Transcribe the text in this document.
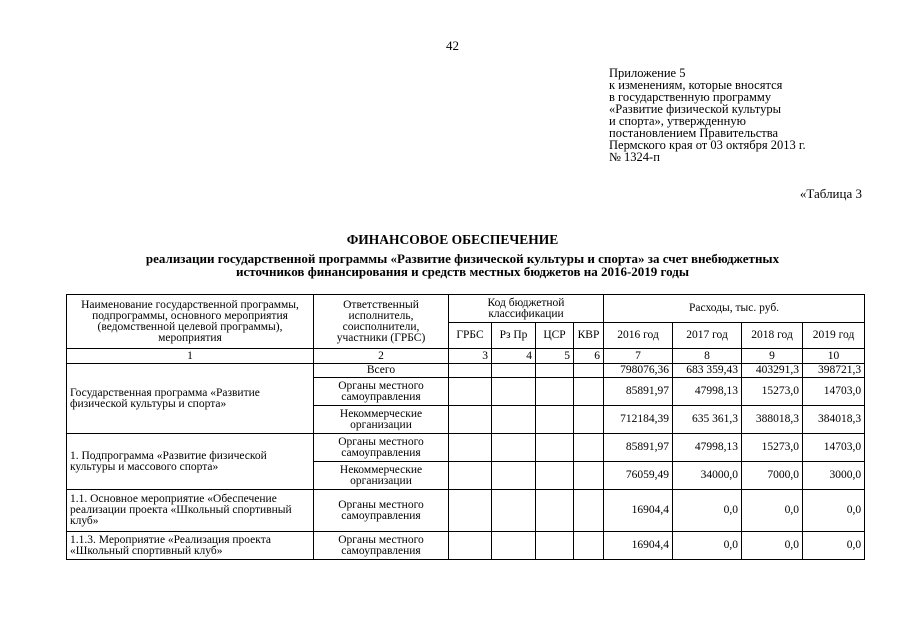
42
Приложение 5
к изменениям, которые вносятся
в государственную программу
«Развитие физической культуры
и спорта», утвержденную
постановлением Правительства
Пермского края от 03 октября 2013 г.
№ 1324-п
«Таблица 3
ФИНАНСОВОЕ ОБЕСПЕЧЕНИЕ
реализации государственной программы «Развитие физической культуры и спорта» за счет внебюджетных
источников финансирования и средств местных бюджетов на 2016-2019 годы
Наименование государственной программы, подпрограммы, основного мероприятия (ведомственной целевой программы), мероприятия	Ответственный исполнитель, соисполнители, участники (ГРБС)	Код бюджетной классификации				Расходы, тыс. руб.			
		ГРБС	Рз Пр	ЦСР	КВР	2016 год	2017 год	2018 год	2019 год
1	2	3	4	5	6	7	8	9	10
Государственная программа «Развитие физической культуры и спорта»	Всего					798076,36	683 359,43	403291,3	398721,3
	Органы местного самоуправления					85891,97	47998,13	15273,0	14703,0
	Некоммерческие организации					712184,39	635 361,3	388018,3	384018,3
1. Подпрограмма «Развитие физической культуры и массового спорта»	Органы местного самоуправления					85891,97	47998,13	15273,0	14703,0
	Некоммерческие организации					76059,49	34000,0	7000,0	3000,0
1.1. Основное мероприятие «Обеспечение реализации проекта «Школьный спортивный клуб»	Органы местного самоуправления					16904,4	0,0	0,0	0,0
1.1.3. Мероприятие «Реализация проекта «Школьный спортивный клуб»	Органы местного самоуправления					16904,4	0,0	0,0	0,0
